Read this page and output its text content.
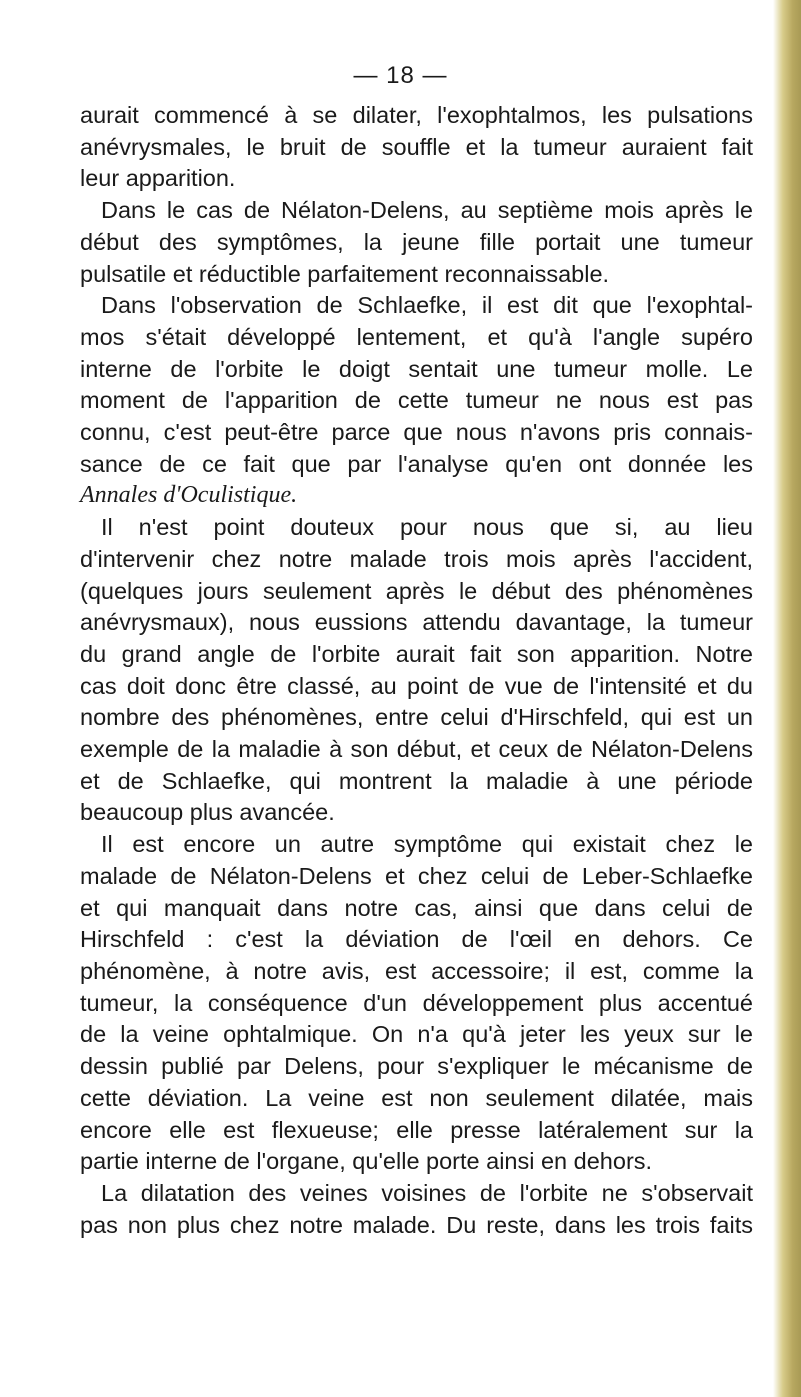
— 18 —

aurait commencé à se dilater, l'exophtalmos, les pulsations

anévrysmales, le bruit de souffle et la tumeur auraient fait

leur apparition.

Dans le cas de Nélaton-Delens, au septième mois après le

début des symptômes, la jeune fille portait une tumeur

pulsatile et réductible parfaitement reconnaissable.

Dans l'observation de Schlaefke, il est dit que l'exophtal-

mos s'était développé lentement, et qu'à l'angle supéro

interne de l'orbite le doigt sentait une tumeur molle. Le

moment de l'apparition de cette tumeur ne nous est pas

connu, c'est peut-être parce que nous n'avons pris connais-

sance de ce fait que par l'analyse qu'en ont donnée les

Annales d'Oculistique.

Il n'est point douteux pour nous que si, au lieu

d'intervenir chez notre malade trois mois après l'accident,

(quelques jours seulement après le début des phénomènes

anévrysmaux), nous eussions attendu davantage, la tumeur

du grand angle de l'orbite aurait fait son apparition. Notre

cas doit donc être classé, au point de vue de l'intensité et du

nombre des phénomènes, entre celui d'Hirschfeld, qui est un

exemple de la maladie à son début, et ceux de Nélaton-Delens

et de Schlaefke, qui montrent la maladie à une période

beaucoup plus avancée.

Il est encore un autre symptôme qui existait chez le

malade de Nélaton-Delens et chez celui de Leber-Schlaefke

et qui manquait dans notre cas, ainsi que dans celui de

Hirschfeld : c'est la déviation de l'œil en dehors. Ce

phénomène, à notre avis, est accessoire; il est, comme la

tumeur, la conséquence d'un développement plus accentué

de la veine ophtalmique. On n'a qu'à jeter les yeux sur le

dessin publié par Delens, pour s'expliquer le mécanisme de

cette déviation. La veine est non seulement dilatée, mais

encore elle est flexueuse; elle presse latéralement sur la

partie interne de l'organe, qu'elle porte ainsi en dehors.

La dilatation des veines voisines de l'orbite ne s'observait

pas non plus chez notre malade. Du reste, dans les trois faits
